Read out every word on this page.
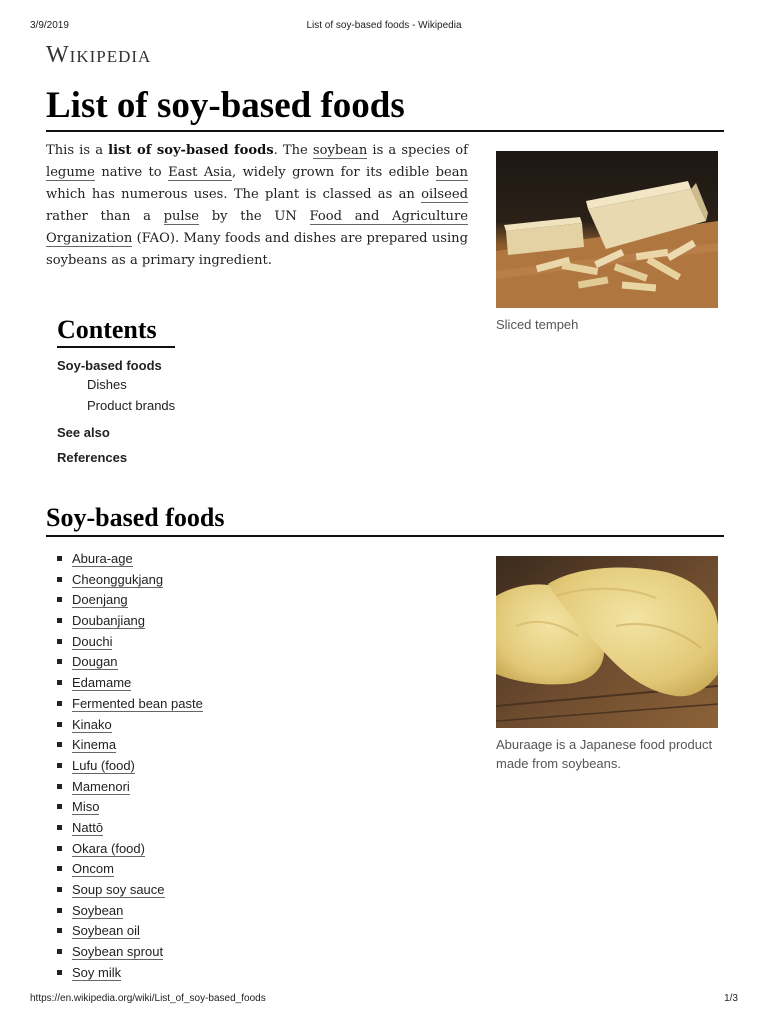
3/9/2019	List of soy-based foods - Wikipedia
Wikipedia
List of soy-based foods

This is a list of soy-based foods. The soybean is a species of legume native to East Asia, widely grown for its edible bean which has numerous uses. The plant is classed as an oilseed rather than a pulse by the UN Food and Agriculture Organization (FAO). Many foods and dishes are prepared using soybeans as a primary ingredient.

Sliced tempeh
Contents
Soy-based foods
Dishes
Product brands
See also
References
Soy-based foods
Abura-age
Cheonggukjang
Doenjang
Doubanjiang
Douchi
Dougan
Edamame
Fermented bean paste
Kinako
Kinema
Lufu (food)
Mamenori
Miso
Nattō
Okara (food)
Oncom
Soup soy sauce
Soybean
Soybean oil
Soybean sprout
Soy milk
Aburaage is a Japanese food product made from soybeans.
https://en.wikipedia.org/wiki/List_of_soy-based_foods	1/3
